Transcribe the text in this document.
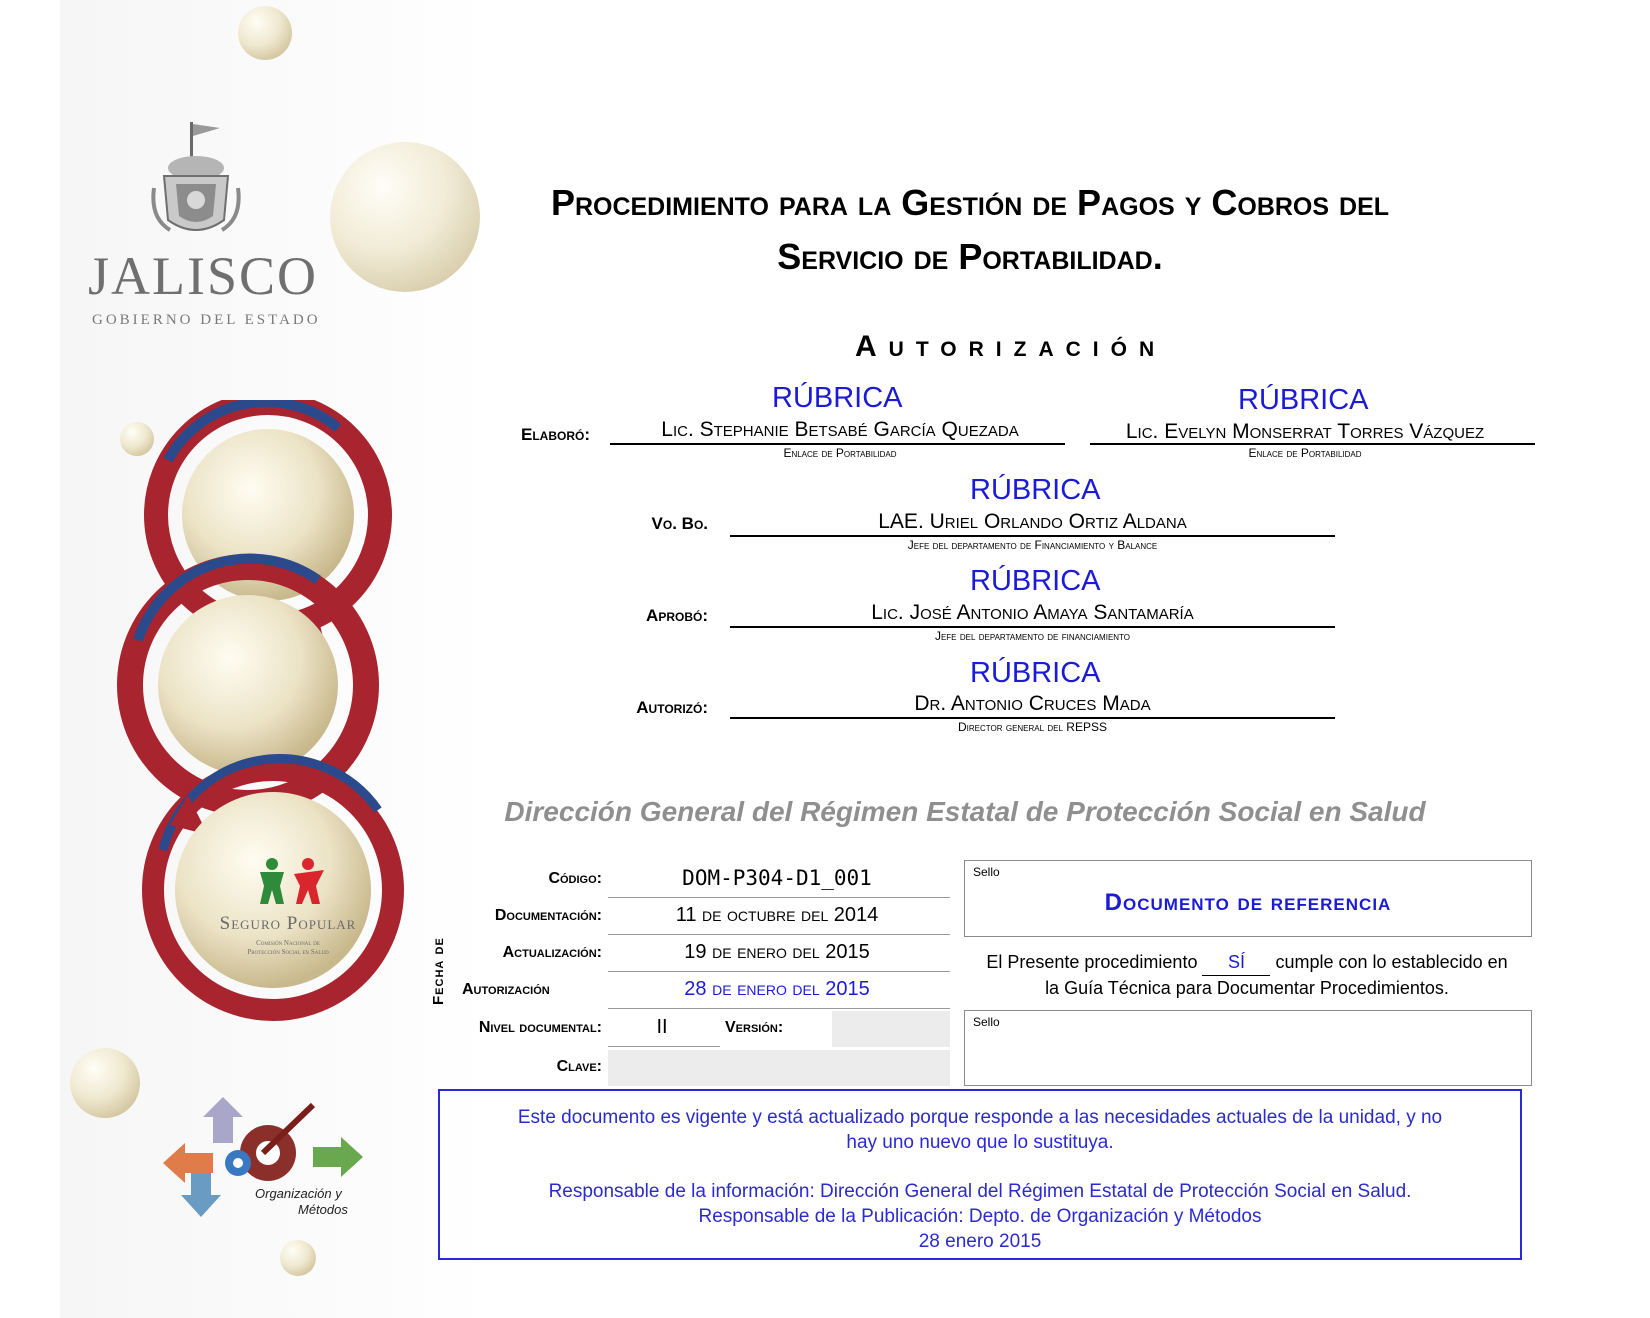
JALISCO
GOBIERNO DEL ESTADO
Seguro Popular
Comisión Nacional de
Protección Social en Salud
Organización y
Métodos
Procedimiento para la Gestión de Pagos y Cobros del
Servicio de Portabilidad.
Autorización
RÚBRICA	RÚBRICA
Elaboró:	Lic. Stephanie Betsabé García Quezada
Enlace de Portabilidad
Lic. Evelyn Monserrat Torres Vázquez
Enlace de Portabilidad
RÚBRICA
Vo. Bo.	LAE. Uriel Orlando Ortiz Aldana
Jefe del departamento de Financiamiento y Balance
RÚBRICA
Aprobó:	Lic. José Antonio Amaya Santamaría
Jefe del departamento de financiamiento
RÚBRICA
Autorizó:	Dr. Antonio Cruces Mada
Director general del REPSS
Dirección General del Régimen Estatal de Protección Social en Salud
Código:	DOM-P304-D1_001
Fecha de
Documentación:	11 de octubre del 2014
Actualización:	19 de enero del 2015
Autorización	28 de enero del 2015
Nivel documental:	II	Versión:
Clave:
Sello
Documento de referencia
El Presente procedimiento SÍ cumple con lo establecido en
la Guía Técnica para Documentar Procedimientos.
Sello

Este documento es vigente y está actualizado porque responde a las necesidades actuales de la unidad, y no

hay uno nuevo que lo sustituya.

Responsable de la información: Dirección General del Régimen Estatal de Protección Social en Salud.

Responsable de la Publicación: Depto. de Organización y Métodos

28 enero 2015
